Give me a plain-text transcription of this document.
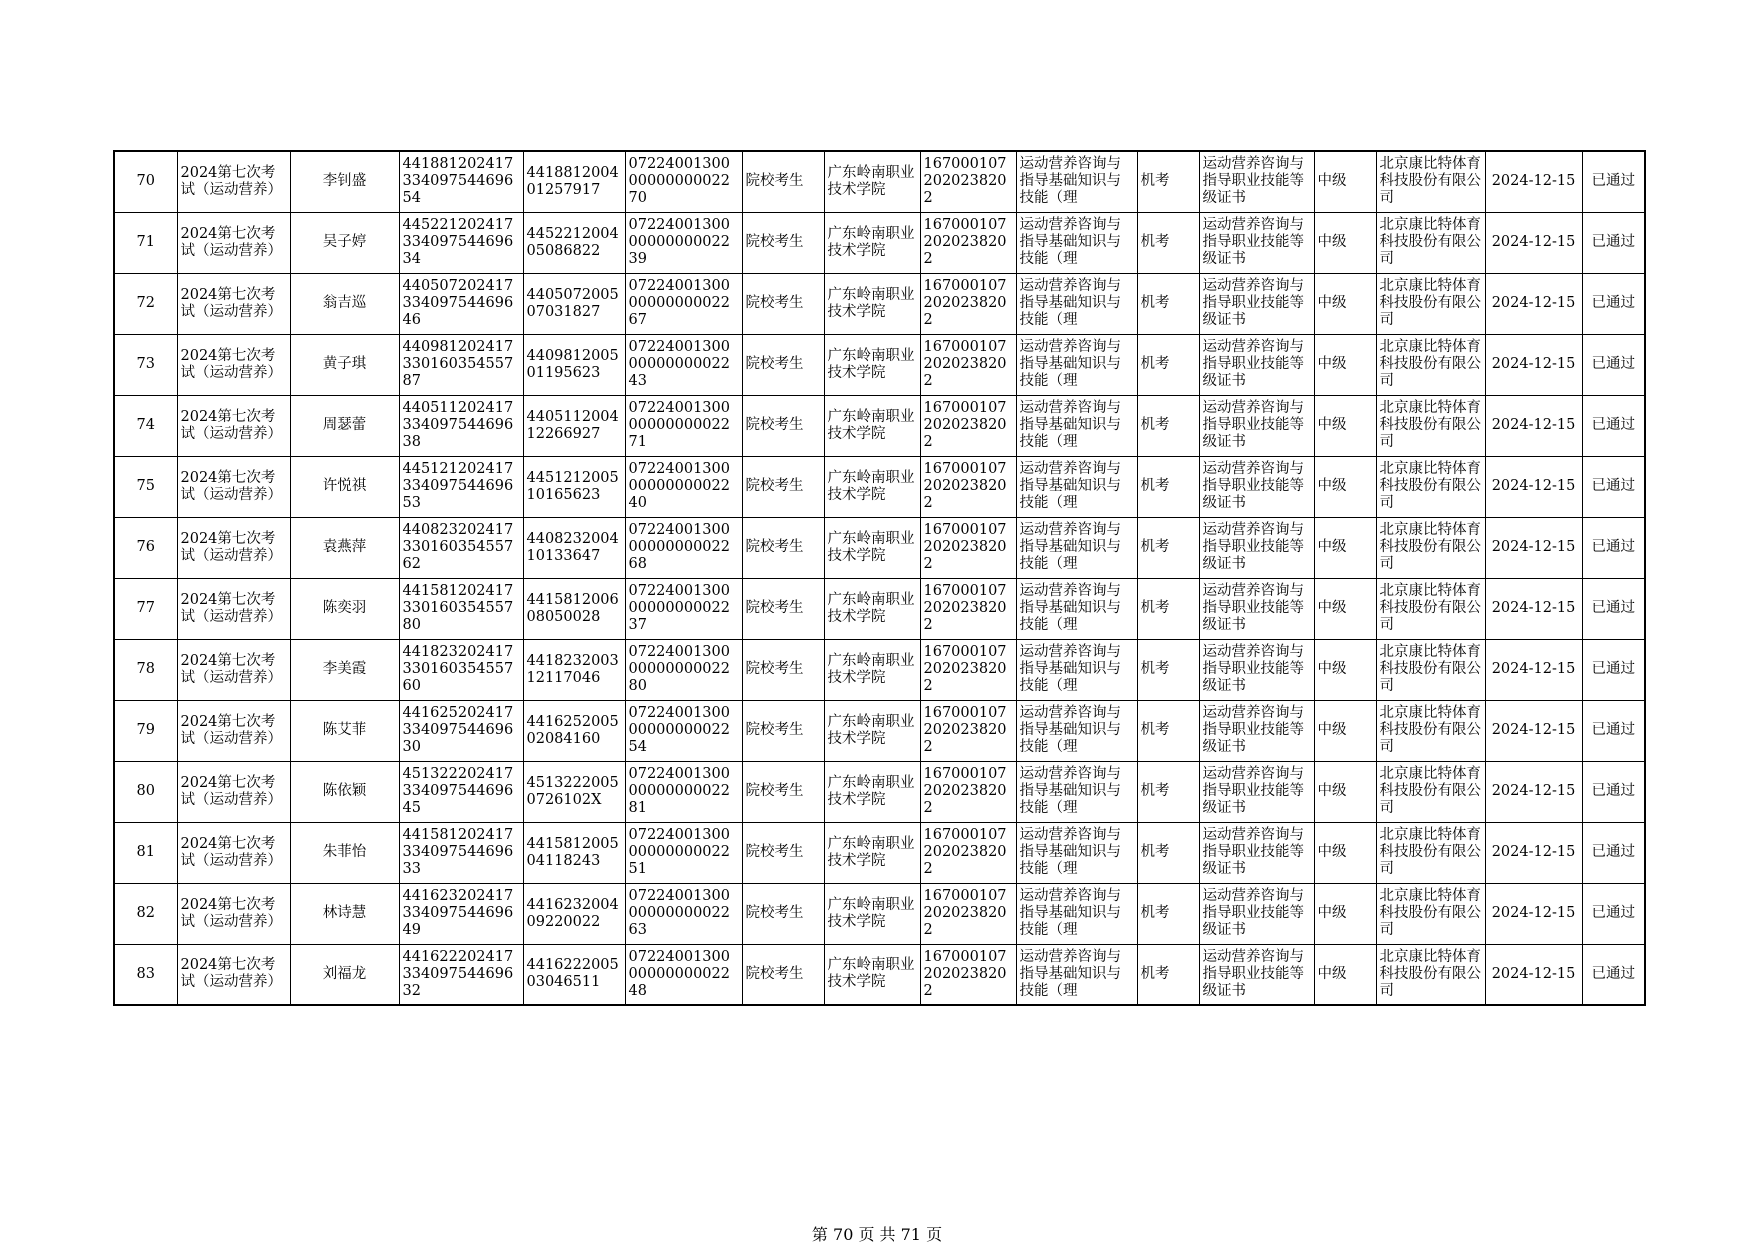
70	2024第七次考试（运动营养）	李钊盛	44188120241733409754469654	441881200401257917	072240013000000000002270	院校考生	广东岭南职业技术学院	1670001072020238202	运动营养咨询与指导基础知识与技能（理	机考	运动营养咨询与指导职业技能等级证书	中级	北京康比特体育科技股份有限公司	2024-12-15	已通过
71	2024第七次考试（运动营养）	吴子婷	44522120241733409754469634	445221200405086822	072240013000000000002239	院校考生	广东岭南职业技术学院	1670001072020238202	运动营养咨询与指导基础知识与技能（理	机考	运动营养咨询与指导职业技能等级证书	中级	北京康比特体育科技股份有限公司	2024-12-15	已通过
72	2024第七次考试（运动营养）	翁吉巡	44050720241733409754469646	440507200507031827	072240013000000000002267	院校考生	广东岭南职业技术学院	1670001072020238202	运动营养咨询与指导基础知识与技能（理	机考	运动营养咨询与指导职业技能等级证书	中级	北京康比特体育科技股份有限公司	2024-12-15	已通过
73	2024第七次考试（运动营养）	黄子琪	44098120241733016035455787	440981200501195623	072240013000000000002243	院校考生	广东岭南职业技术学院	1670001072020238202	运动营养咨询与指导基础知识与技能（理	机考	运动营养咨询与指导职业技能等级证书	中级	北京康比特体育科技股份有限公司	2024-12-15	已通过
74	2024第七次考试（运动营养）	周瑟蕾	44051120241733409754469638	440511200412266927	072240013000000000002271	院校考生	广东岭南职业技术学院	1670001072020238202	运动营养咨询与指导基础知识与技能（理	机考	运动营养咨询与指导职业技能等级证书	中级	北京康比特体育科技股份有限公司	2024-12-15	已通过
75	2024第七次考试（运动营养）	许悦祺	44512120241733409754469653	445121200510165623	072240013000000000002240	院校考生	广东岭南职业技术学院	1670001072020238202	运动营养咨询与指导基础知识与技能（理	机考	运动营养咨询与指导职业技能等级证书	中级	北京康比特体育科技股份有限公司	2024-12-15	已通过
76	2024第七次考试（运动营养）	袁燕萍	44082320241733016035455762	440823200410133647	072240013000000000002268	院校考生	广东岭南职业技术学院	1670001072020238202	运动营养咨询与指导基础知识与技能（理	机考	运动营养咨询与指导职业技能等级证书	中级	北京康比特体育科技股份有限公司	2024-12-15	已通过
77	2024第七次考试（运动营养）	陈奕羽	44158120241733016035455780	441581200608050028	072240013000000000002237	院校考生	广东岭南职业技术学院	1670001072020238202	运动营养咨询与指导基础知识与技能（理	机考	运动营养咨询与指导职业技能等级证书	中级	北京康比特体育科技股份有限公司	2024-12-15	已通过
78	2024第七次考试（运动营养）	李美霞	44182320241733016035455760	441823200312117046	072240013000000000002280	院校考生	广东岭南职业技术学院	1670001072020238202	运动营养咨询与指导基础知识与技能（理	机考	运动营养咨询与指导职业技能等级证书	中级	北京康比特体育科技股份有限公司	2024-12-15	已通过
79	2024第七次考试（运动营养）	陈艾菲	44162520241733409754469630	441625200502084160	072240013000000000002254	院校考生	广东岭南职业技术学院	1670001072020238202	运动营养咨询与指导基础知识与技能（理	机考	运动营养咨询与指导职业技能等级证书	中级	北京康比特体育科技股份有限公司	2024-12-15	已通过
80	2024第七次考试（运动营养）	陈依颖	45132220241733409754469645	45132220050726102X	072240013000000000002281	院校考生	广东岭南职业技术学院	1670001072020238202	运动营养咨询与指导基础知识与技能（理	机考	运动营养咨询与指导职业技能等级证书	中级	北京康比特体育科技股份有限公司	2024-12-15	已通过
81	2024第七次考试（运动营养）	朱菲怡	44158120241733409754469633	441581200504118243	072240013000000000002251	院校考生	广东岭南职业技术学院	1670001072020238202	运动营养咨询与指导基础知识与技能（理	机考	运动营养咨询与指导职业技能等级证书	中级	北京康比特体育科技股份有限公司	2024-12-15	已通过
82	2024第七次考试（运动营养）	林诗慧	44162320241733409754469649	441623200409220022	072240013000000000002263	院校考生	广东岭南职业技术学院	1670001072020238202	运动营养咨询与指导基础知识与技能（理	机考	运动营养咨询与指导职业技能等级证书	中级	北京康比特体育科技股份有限公司	2024-12-15	已通过
83	2024第七次考试（运动营养）	刘福龙	44162220241733409754469632	441622200503046511	072240013000000000002248	院校考生	广东岭南职业技术学院	1670001072020238202	运动营养咨询与指导基础知识与技能（理	机考	运动营养咨询与指导职业技能等级证书	中级	北京康比特体育科技股份有限公司	2024-12-15	已通过
第 70 页 共 71 页
